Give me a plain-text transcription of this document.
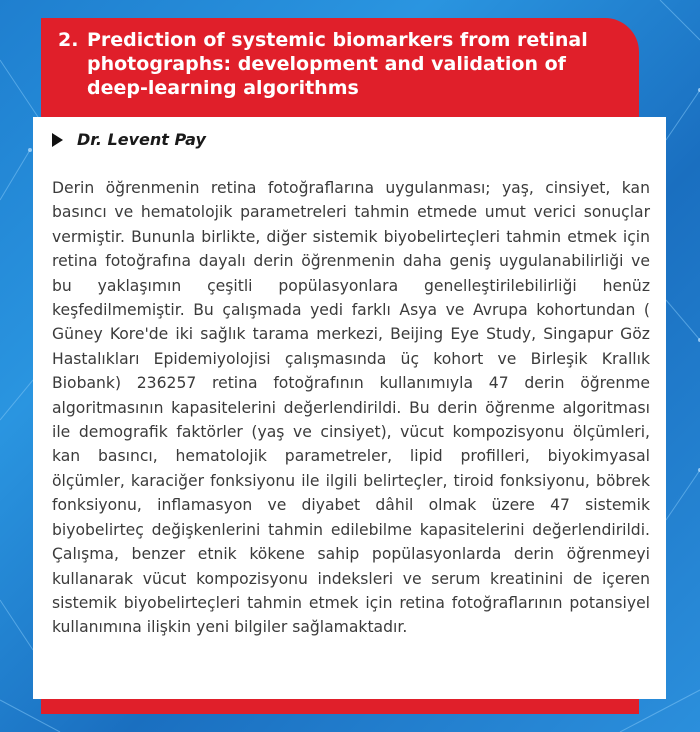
2. Prediction of systemic biomarkers from retinal photographs: development and validation of deep-learning algorithms
Dr. Levent Pay

Derin öğrenmenin retina fotoğraflarına uygulanması; yaş, cinsiyet, kan basıncı ve hematolojik parametreleri tahmin etmede umut verici sonuçlar vermiştir. Bununla birlikte, diğer sistemik biyobelirteçleri tahmin etmek için retina fotoğrafına dayalı derin öğrenmenin daha geniş uygulanabilirliği ve bu yaklaşımın çeşitli popülasyonlara genelleştirilebilirliği henüz keşfedilmemiştir. Bu çalışmada yedi farklı Asya ve Avrupa kohortundan ( Güney Kore'de iki sağlık tarama merkezi, Beijing Eye Study, Singapur Göz Hastalıkları Epidemiyolojisi çalışmasında üç kohort ve Birleşik Krallık Biobank) 236257 retina fotoğrafının kullanımıyla 47 derin öğrenme algoritmasının kapasitelerini değerlendirildi. Bu derin öğrenme algoritması ile demografik faktörler (yaş ve cinsiyet), vücut kompozisyonu ölçümleri, kan basıncı, hematolojik parametreler, lipid profilleri, biyokimyasal ölçümler, karaciğer fonksiyonu ile ilgili belirteçler, tiroid fonksiyonu, böbrek fonksiyonu, inflamasyon ve diyabet dâhil olmak üzere 47 sistemik biyobelirteç değişkenlerini tahmin edilebilme kapasitelerini değerlendirildi. Çalışma, benzer etnik kökene sahip popülasyonlarda derin öğrenmeyi kullanarak vücut kompozisyonu indeksleri ve serum kreatinini de içeren sistemik biyobelirteçleri tahmin etmek için retina fotoğraflarının potansiyel kullanımına ilişkin yeni bilgiler sağlamaktadır.
